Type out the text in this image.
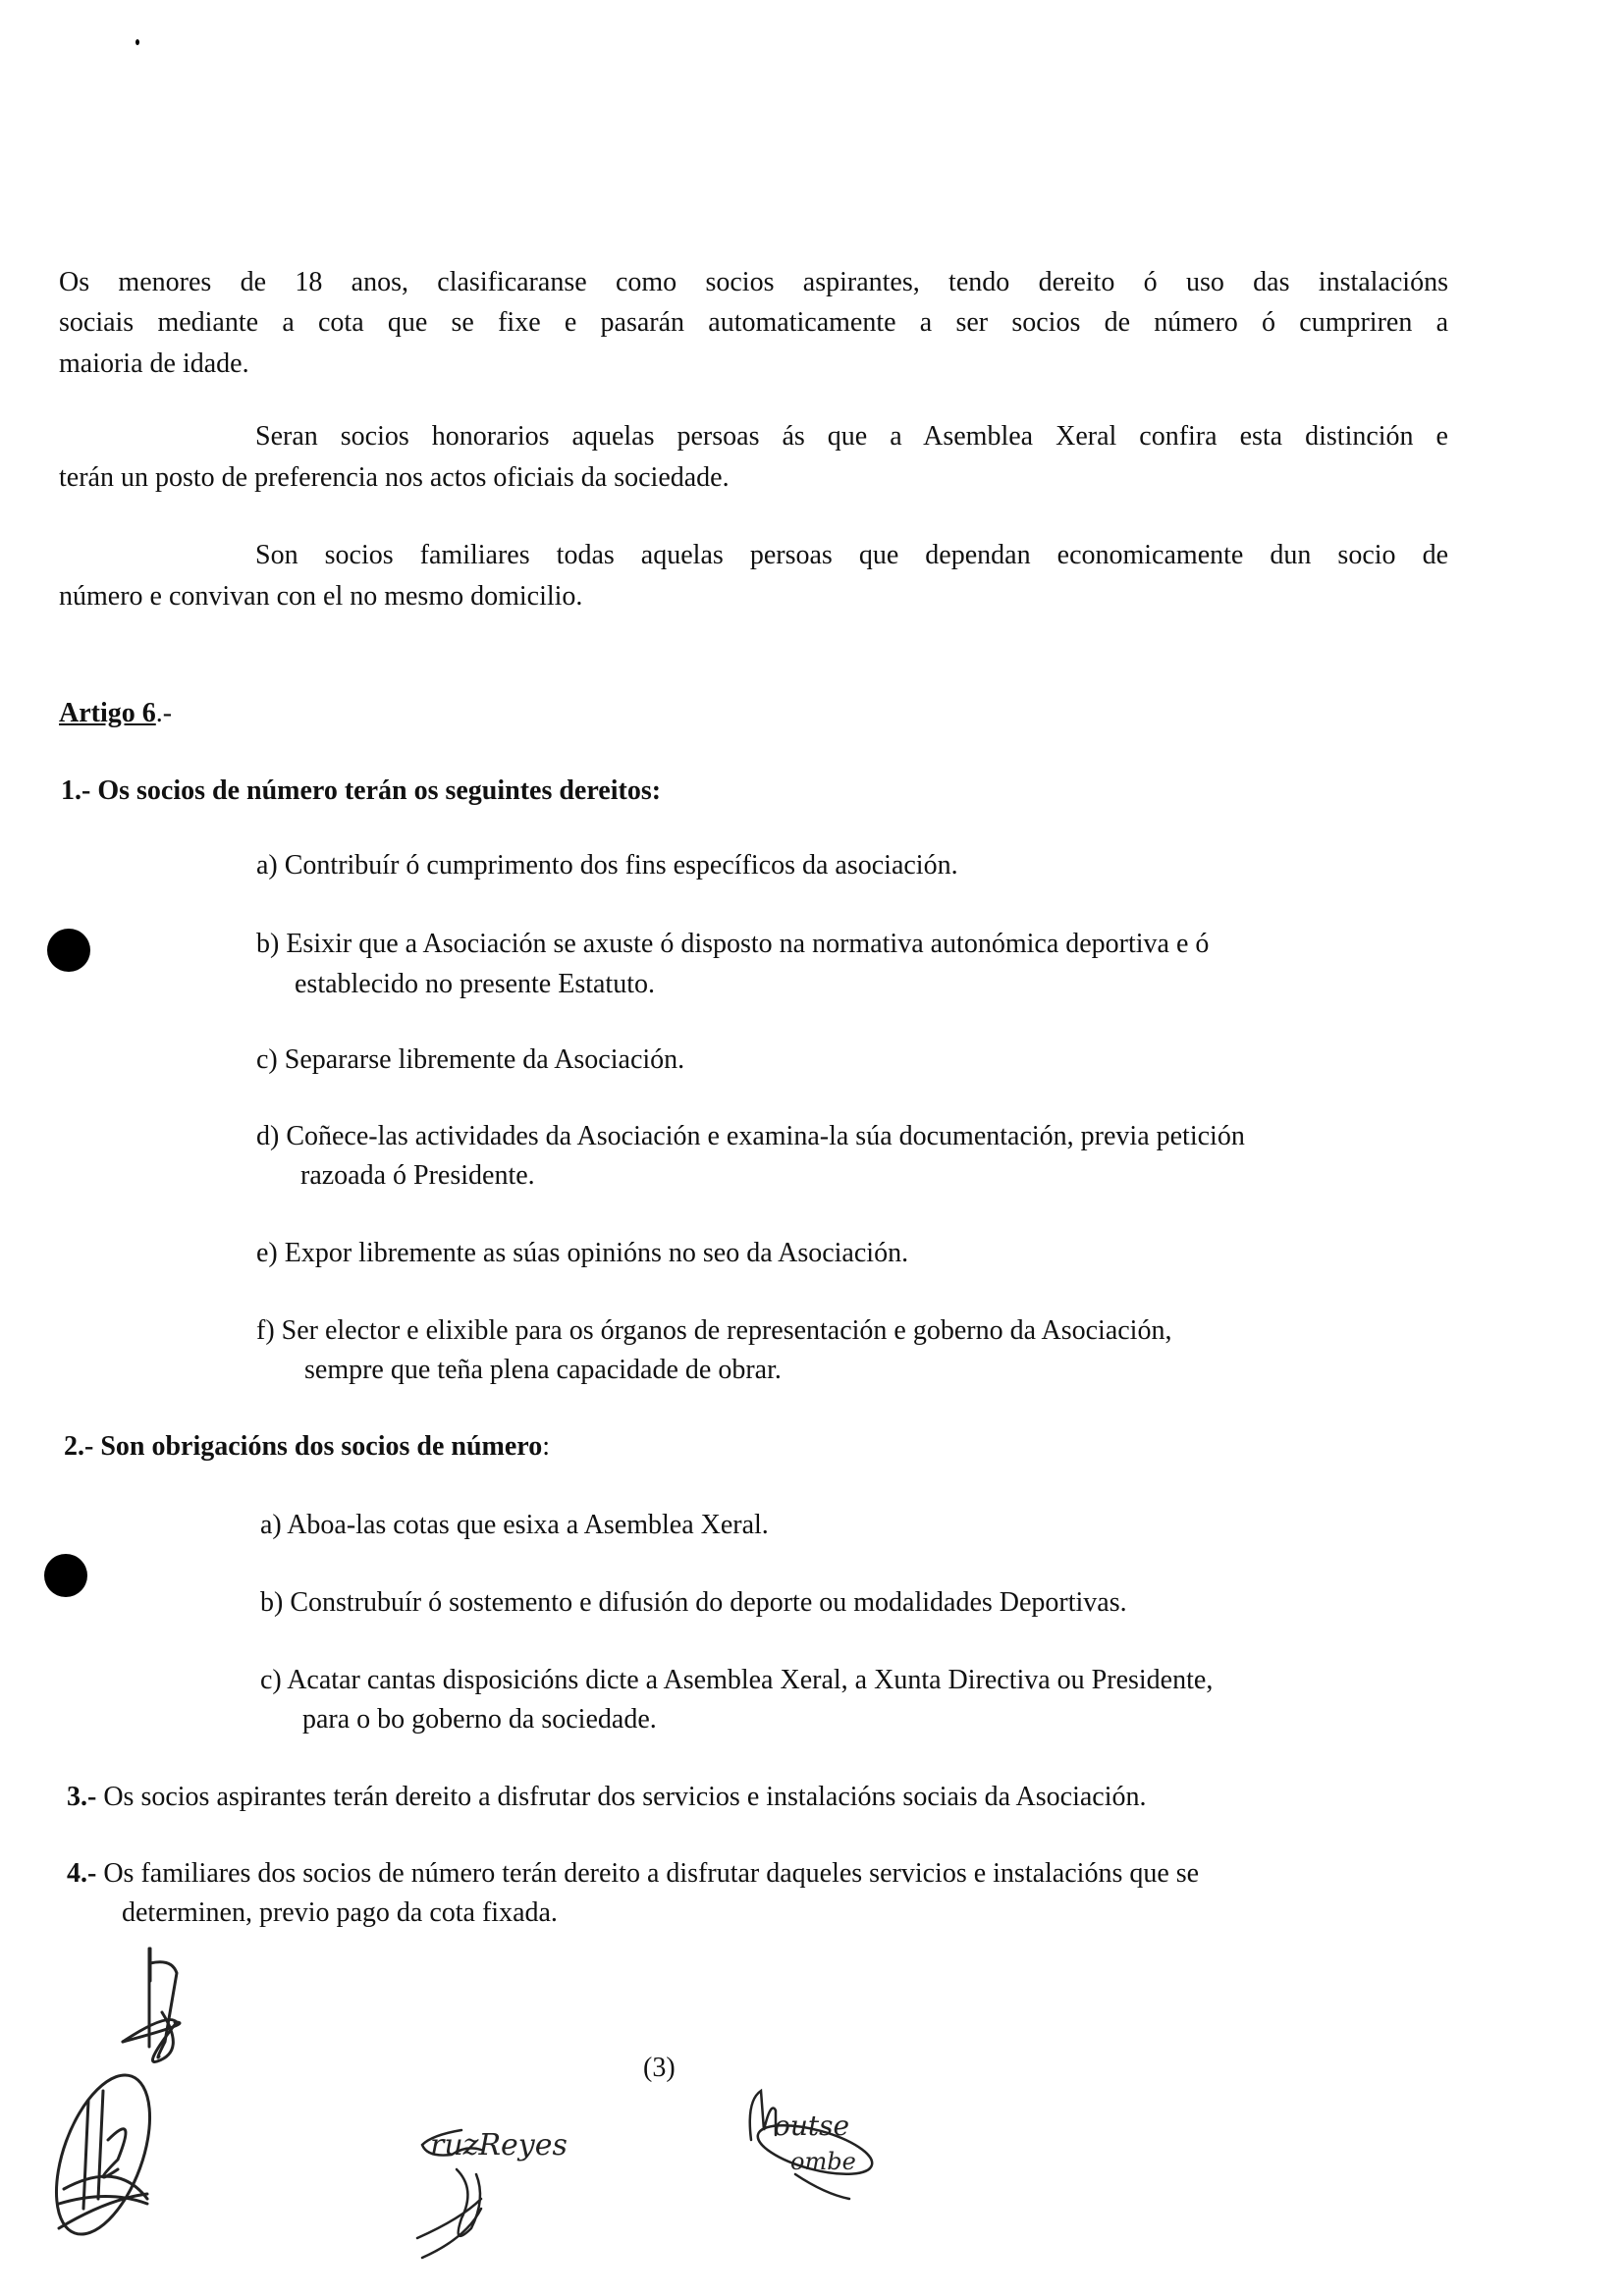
Os menores de 18 anos, clasificaranse como socios aspirantes, tendo dereito ó uso das instalacións
sociais mediante a cota que se fixe e pasarán automaticamente a ser socios de número ó cumpriren a
maioria de idade.
Seran socios honorarios aquelas persoas ás que a Asemblea Xeral confira esta distinción e
terán un posto de preferencia nos actos oficiais da sociedade.
Son socios familiares todas aquelas persoas que dependan economicamente dun socio de
número e convivan con el no mesmo domicilio.
Artigo 6.-
1.- Os socios de número terán os seguintes dereitos:
a) Contribuír ó cumprimento dos fins específicos da asociación.
b) Esixir que a Asociación se axuste ó disposto na normativa autonómica deportiva e ó
establecido no presente Estatuto.
c) Separarse libremente da Asociación.
d) Coñece-las actividades da Asociación e examina-la súa documentación, previa petición
razoada ó Presidente.
e) Expor libremente as súas opinións no seo da Asociación.
f) Ser elector e elixible para os órganos de representación e goberno da Asociación,
sempre que teña plena capacidade de obrar.
2.- Son obrigacións dos socios de número:
a) Aboa-las cotas que esixa a Asemblea Xeral.
b) Construbuír ó sostemento e difusión do deporte ou modalidades Deportivas.
c) Acatar cantas disposicións dicte a Asemblea Xeral, a Xunta Directiva ou Presidente,
para o bo goberno da sociedade.
3.- Os socios aspirantes terán dereito a disfrutar dos servicios e instalacións sociais da Asociación.
4.- Os familiares dos socios de número terán dereito a disfrutar daqueles servicios e instalacións que se
determinen, previo pago da cota fixada.
(3)
ruzReyes
outse
ombe
